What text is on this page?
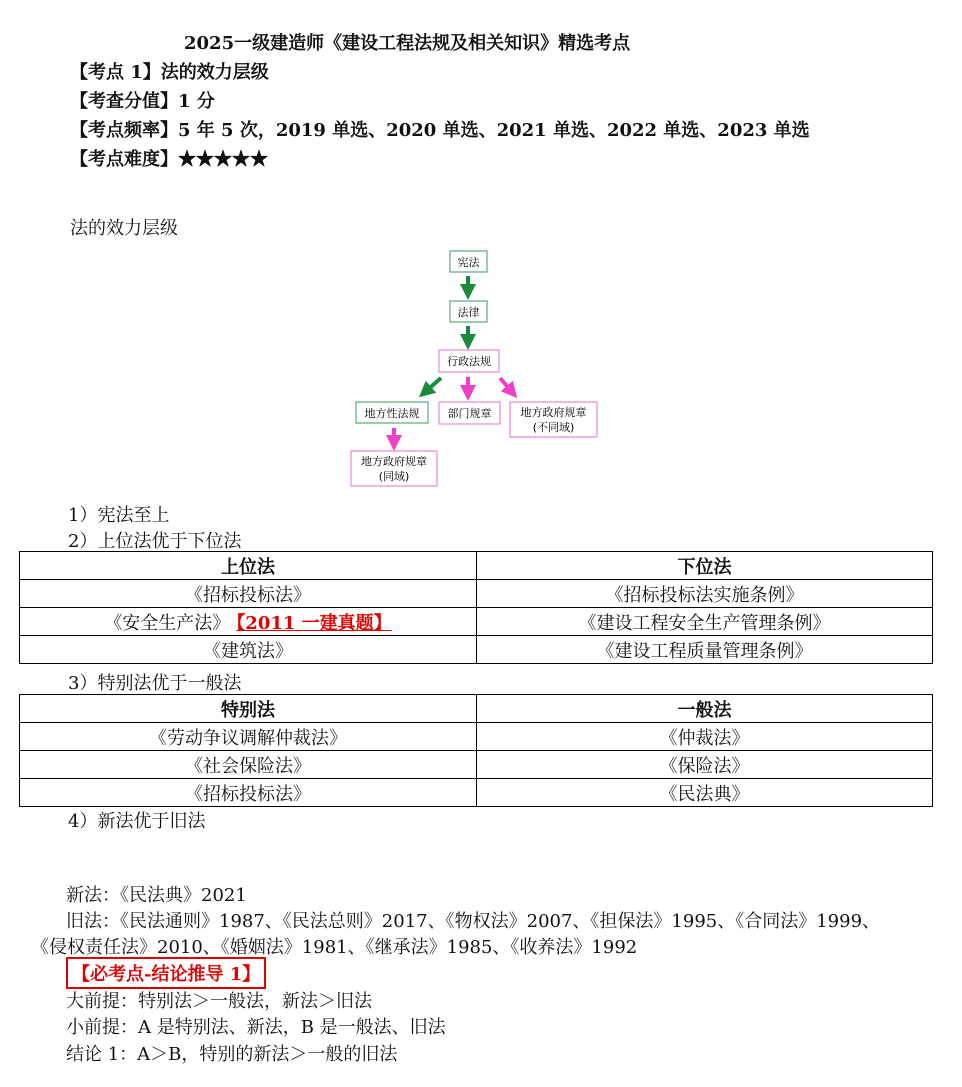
2025一级建造师《建设工程法规及相关知识》精选考点
【考点 1】法的效力层级
【考查分值】1 分
【考点频率】5 年 5 次，2019 单选、2020 单选、2021 单选、2022 单选、2023 单选
【考点难度】★★★★★
法的效力层级
宪法
法律
行政法规
地方性法规	部门规章	地方政府规章
(不同域)
地方政府规章
(同域)
1）宪法至上
2）上位法优于下位法
上位法	下位法
《招标投标法》	《招标投标法实施条例》
《安全生产法》 【2011 一建真题】	《建设工程安全生产管理条例》
《建筑法》	《建设工程质量管理条例》
3）特别法优于一般法
特别法	一般法
《劳动争议调解仲裁法》	《仲裁法》
《社会保险法》	《保险法》
《招标投标法》	《民法典》
4）新法优于旧法
新法：《民法典》2021
旧法：《民法通则》1987、《民法总则》2017、《物权法》2007、《担保法》1995、《合同法》1999、
《侵权责任法》2010、《婚姻法》1981、《继承法》1985、《收养法》1992
【必考点-结论推导 1】
大前提：特别法＞一般法，新法＞旧法
小前提：A 是特别法、新法，B 是一般法、旧法
结论 1：A＞B，特别的新法＞一般的旧法
